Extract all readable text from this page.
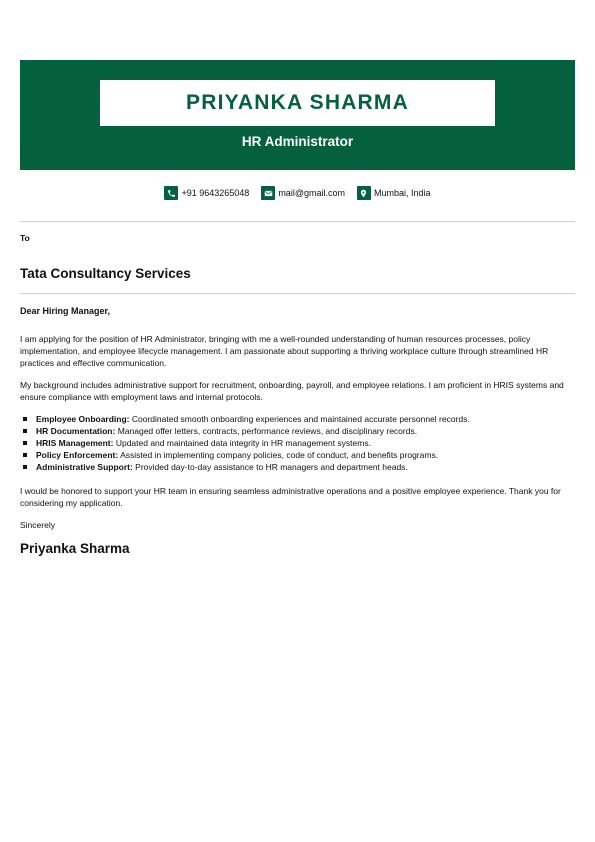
PRIYANKA SHARMA
HR Administrator
+91 9643265048	mail@gmail.com	Mumbai, India
To
Tata Consultancy Services
Dear Hiring Manager,

I am applying for the position of HR Administrator, bringing with me a well-rounded understanding of human resources processes, policy implementation, and employee lifecycle management. I am passionate about supporting a thriving workplace culture through streamlined HR practices and effective communication.

My background includes administrative support for recruitment, onboarding, payroll, and employee relations. I am proficient in HRIS systems and ensure compliance with employment laws and internal protocols.

Employee Onboarding: Coordinated smooth onboarding experiences and maintained accurate personnel records.
HR Documentation: Managed offer letters, contracts, performance reviews, and disciplinary records.
HRIS Management: Updated and maintained data integrity in HR management systems.
Policy Enforcement: Assisted in implementing company policies, code of conduct, and benefits programs.
Administrative Support: Provided day-to-day assistance to HR managers and department heads.

I would be honored to support your HR team in ensuring seamless administrative operations and a positive employee experience. Thank you for considering my application.

Sincerely
Priyanka Sharma
